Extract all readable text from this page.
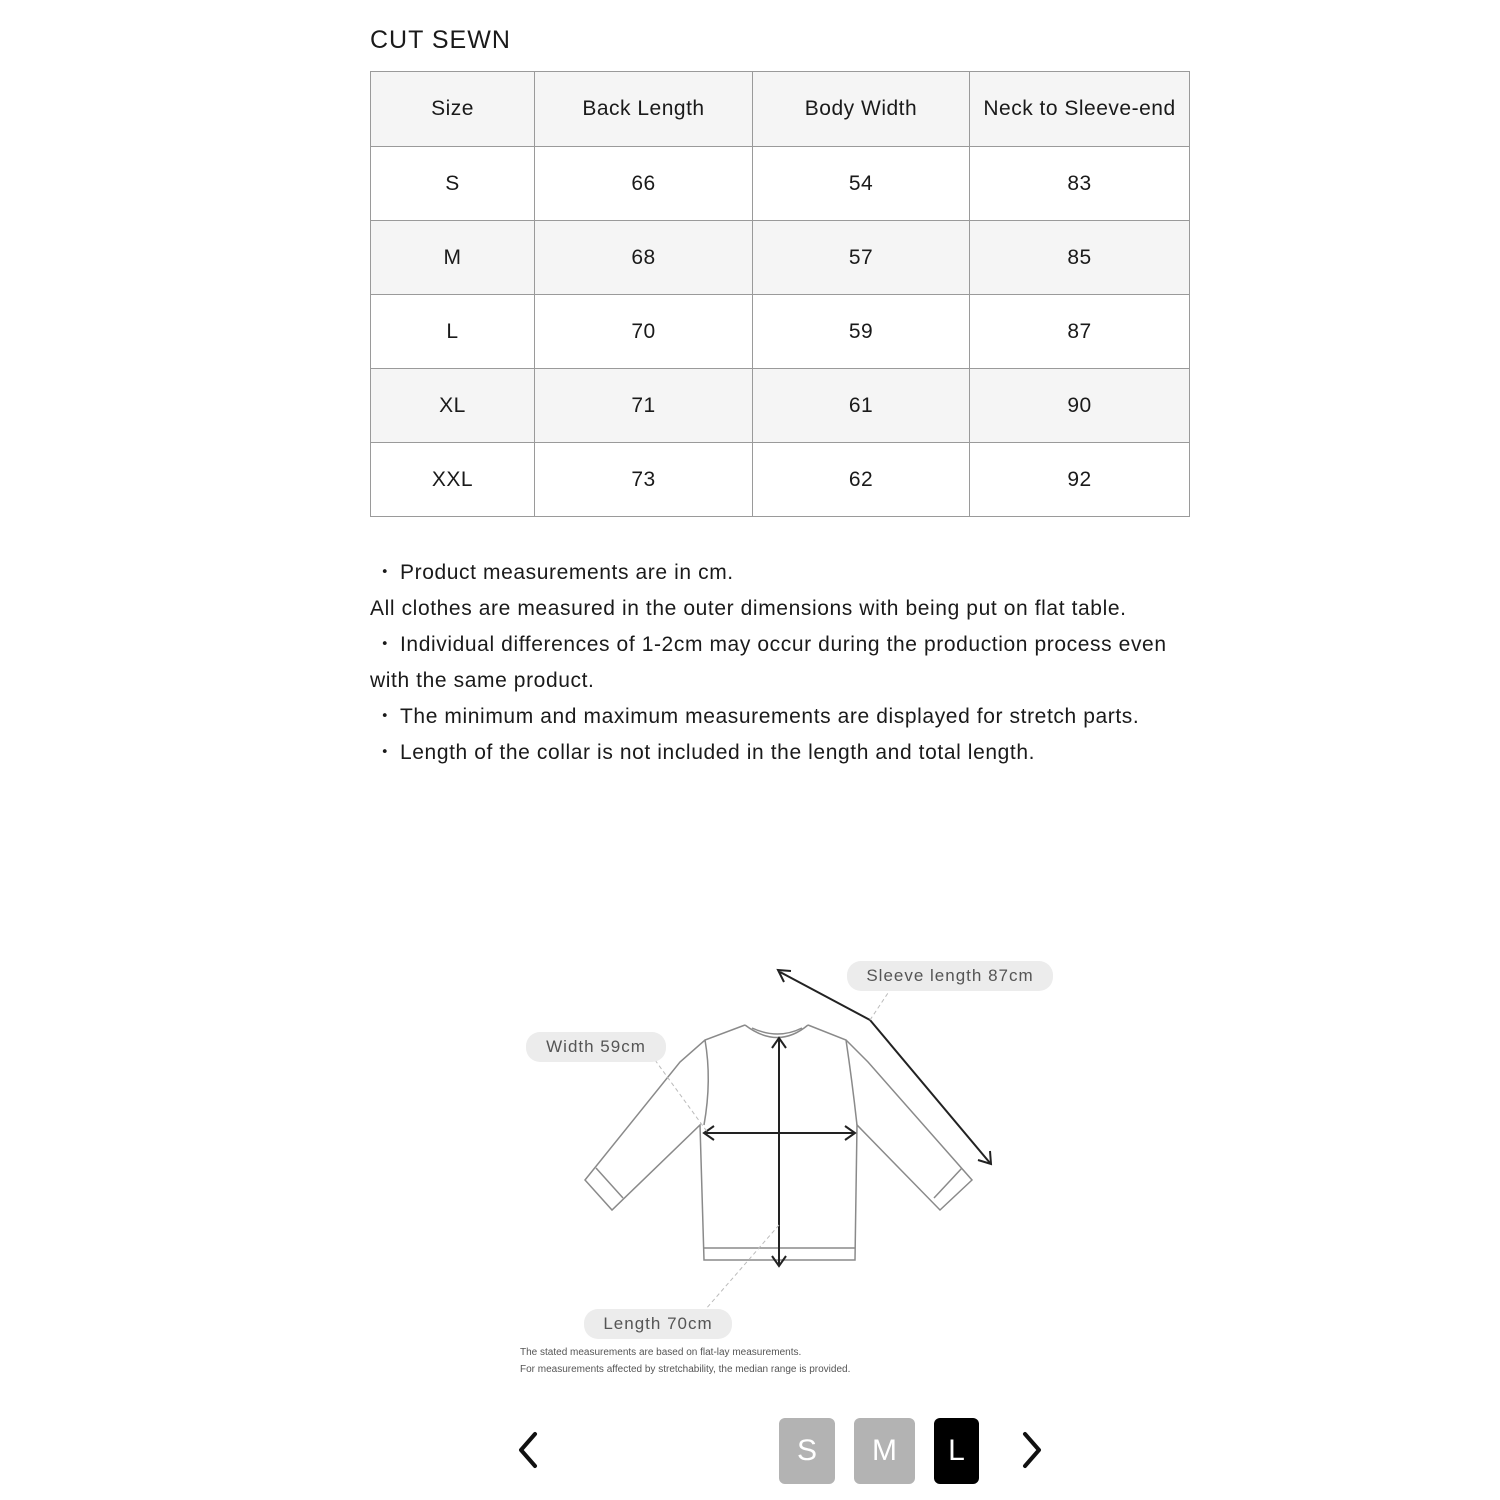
CUT SEWN
Size	Back Length	Body Width	Neck to Sleeve-end
S	66	54	83
M	68	57	85
L	70	59	87
XL	71	61	90
XXL	73	62	92

・ Product measurements are in cm.

All clothes are measured in the outer dimensions with being put on flat table.

・ Individual differences of 1-2cm may occur during the production process even with the same product.

・ The minimum and maximum measurements are displayed for stretch parts.

・ Length of the collar is not included in the length and total length.

Sleeve length 87cm
Width 59cm
Length 70cm
The stated measurements are based on flat-lay measurements.
For measurements affected by stretchability, the median range is provided.
S	M	L
